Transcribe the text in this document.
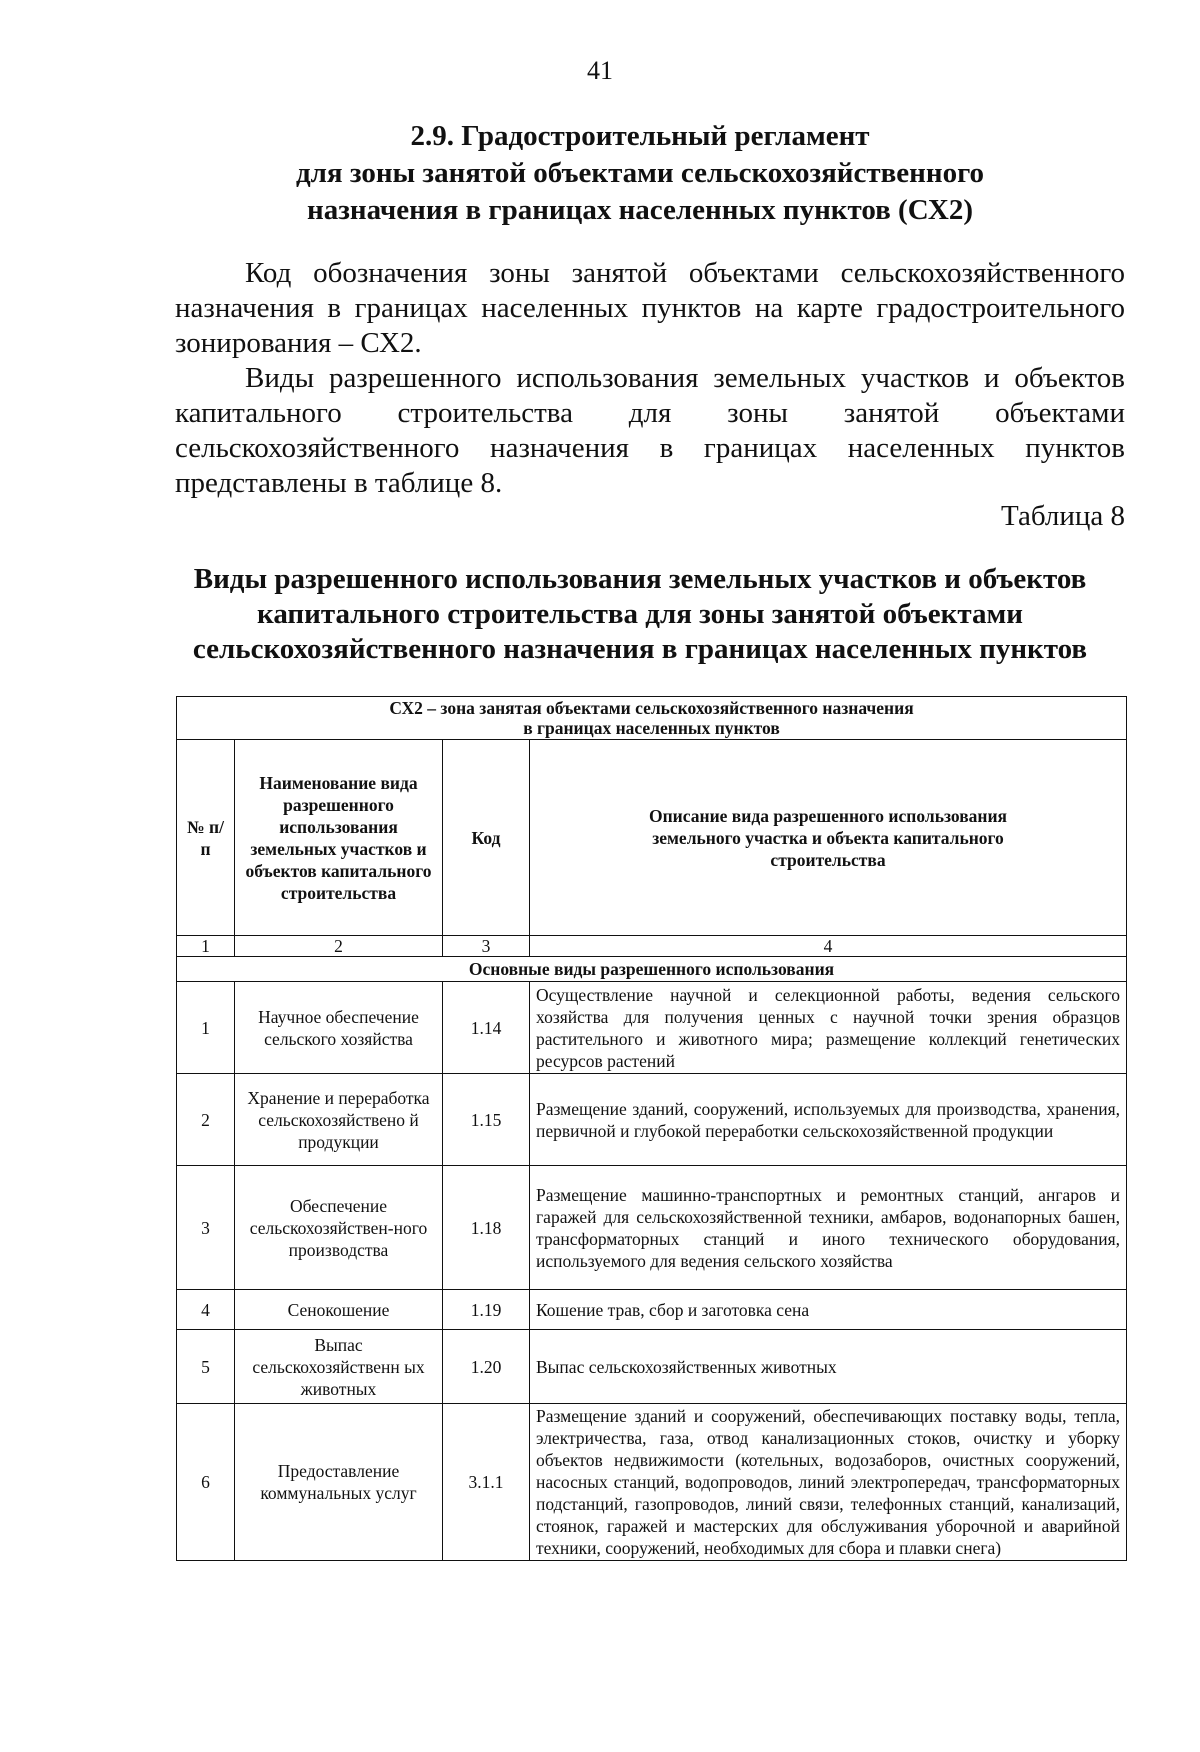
41
2.9. Градостроительный регламент
для зоны занятой объектами сельскохозяйственного
назначения в границах населенных пунктов (СХ2)
Код обозначения зоны занятой объектами сельскохозяйственного
назначения в границах населенных пунктов на карте градостроительного
зонирования – СХ2.
Виды разрешенного использования земельных участков и объектов
капитального строительства для зоны занятой объектами
сельскохозяйственного назначения в границах населенных пунктов
представлены в таблице 8.
Таблица 8
Виды разрешенного использования земельных участков и объектов
капитального строительства для зоны занятой объектами
сельскохозяйственного назначения в границах населенных пунктов
СХ2 – зона занятая объектами сельскохозяйственного назначения
в границах населенных пунктов			

№ п/п	Наименование вида разрешенного использования земельных участков и объектов капитального строительства	Код	Описание вида разрешенного использования земельного участка и объекта капитального строительства

1	2	3	4
Основные виды разрешенного использования			
1	Научное обеспечение сельского хозяйства	1.14	Осуществление научной и селекционной работы, ведения сельского хозяйства для получения ценных с научной точки зрения образцов растительного и животного мира; размещение коллекций генетических ресурсов растений
2	Хранение и переработка сельскохозяйствено й продукции	1.15	Размещение зданий, сооружений, используемых для производства, хранения, первичной и глубокой переработки сельскохозяйственной продукции
3	Обеспечение сельскохозяйствен-ного производства	1.18	Размещение машинно-транспортных и ремонтных станций, ангаров и гаражей для сельскохозяйственной техники, амбаров, водонапорных башен, трансформаторных станций и иного технического оборудования, используемого для ведения сельского хозяйства
4	Сенокошение	1.19	Кошение трав, сбор и заготовка сена
5	Выпас сельскохозяйственн ых животных	1.20	Выпас сельскохозяйственных животных
6	Предоставление коммунальных услуг	3.1.1	Размещение зданий и сооружений, обеспечивающих поставку воды, тепла, электричества, газа, отвод канализационных стоков, очистку и уборку объектов недвижимости (котельных, водозаборов, очистных сооружений, насосных станций, водопроводов, линий электропередач, трансформаторных подстанций, газопроводов, линий связи, телефонных станций, канализаций, стоянок, гаражей и мастерских для обслуживания уборочной и аварийной техники, сооружений, необходимых для сбора и плавки снега)
